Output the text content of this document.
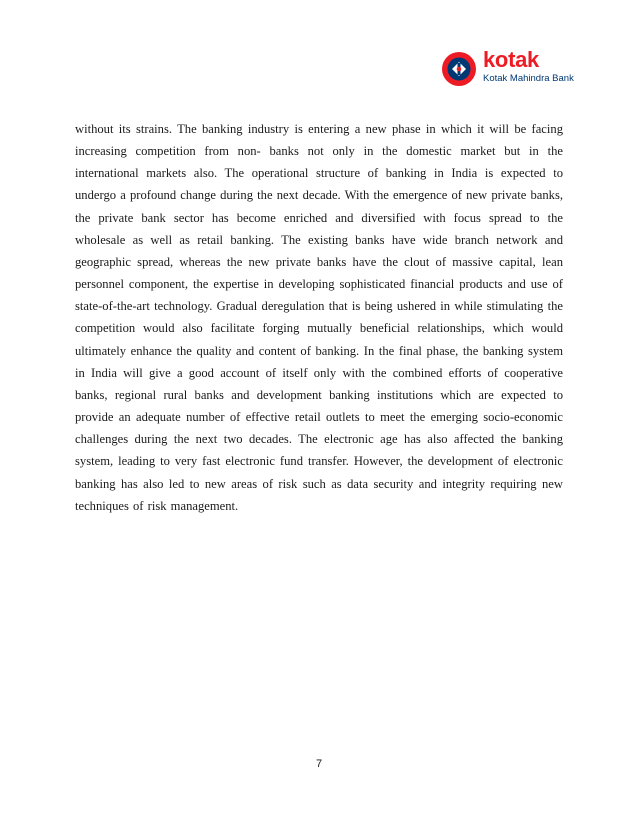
kotak
Kotak Mahindra Bank

without its strains. The banking industry is entering a new phase in which it will be facing increasing competition from non- banks not only in the domestic market but in the international markets also. The operational structure of banking in India is expected to undergo a profound change during the next decade. With the emergence of new private banks, the private bank sector has become enriched and diversified with focus spread to the wholesale as well as retail banking. The existing banks have wide branch network and geographic spread, whereas the new private banks have the clout of massive capital, lean personnel component, the expertise in developing sophisticated financial products and use of state-of-the-art technology. Gradual deregulation that is being ushered in while stimulating the competition would also facilitate forging mutually beneficial relationships, which would ultimately enhance the quality and content of banking. In the final phase, the banking system in India will give a good account of itself only with the combined efforts of cooperative banks, regional rural banks and development banking institutions which are expected to provide an adequate number of effective retail outlets to meet the emerging socio-economic challenges during the next two decades. The electronic age has also affected the banking system, leading to very fast electronic fund transfer. However, the development of electronic banking has also led to new areas of risk such as data security and integrity requiring new techniques of risk management.

7
